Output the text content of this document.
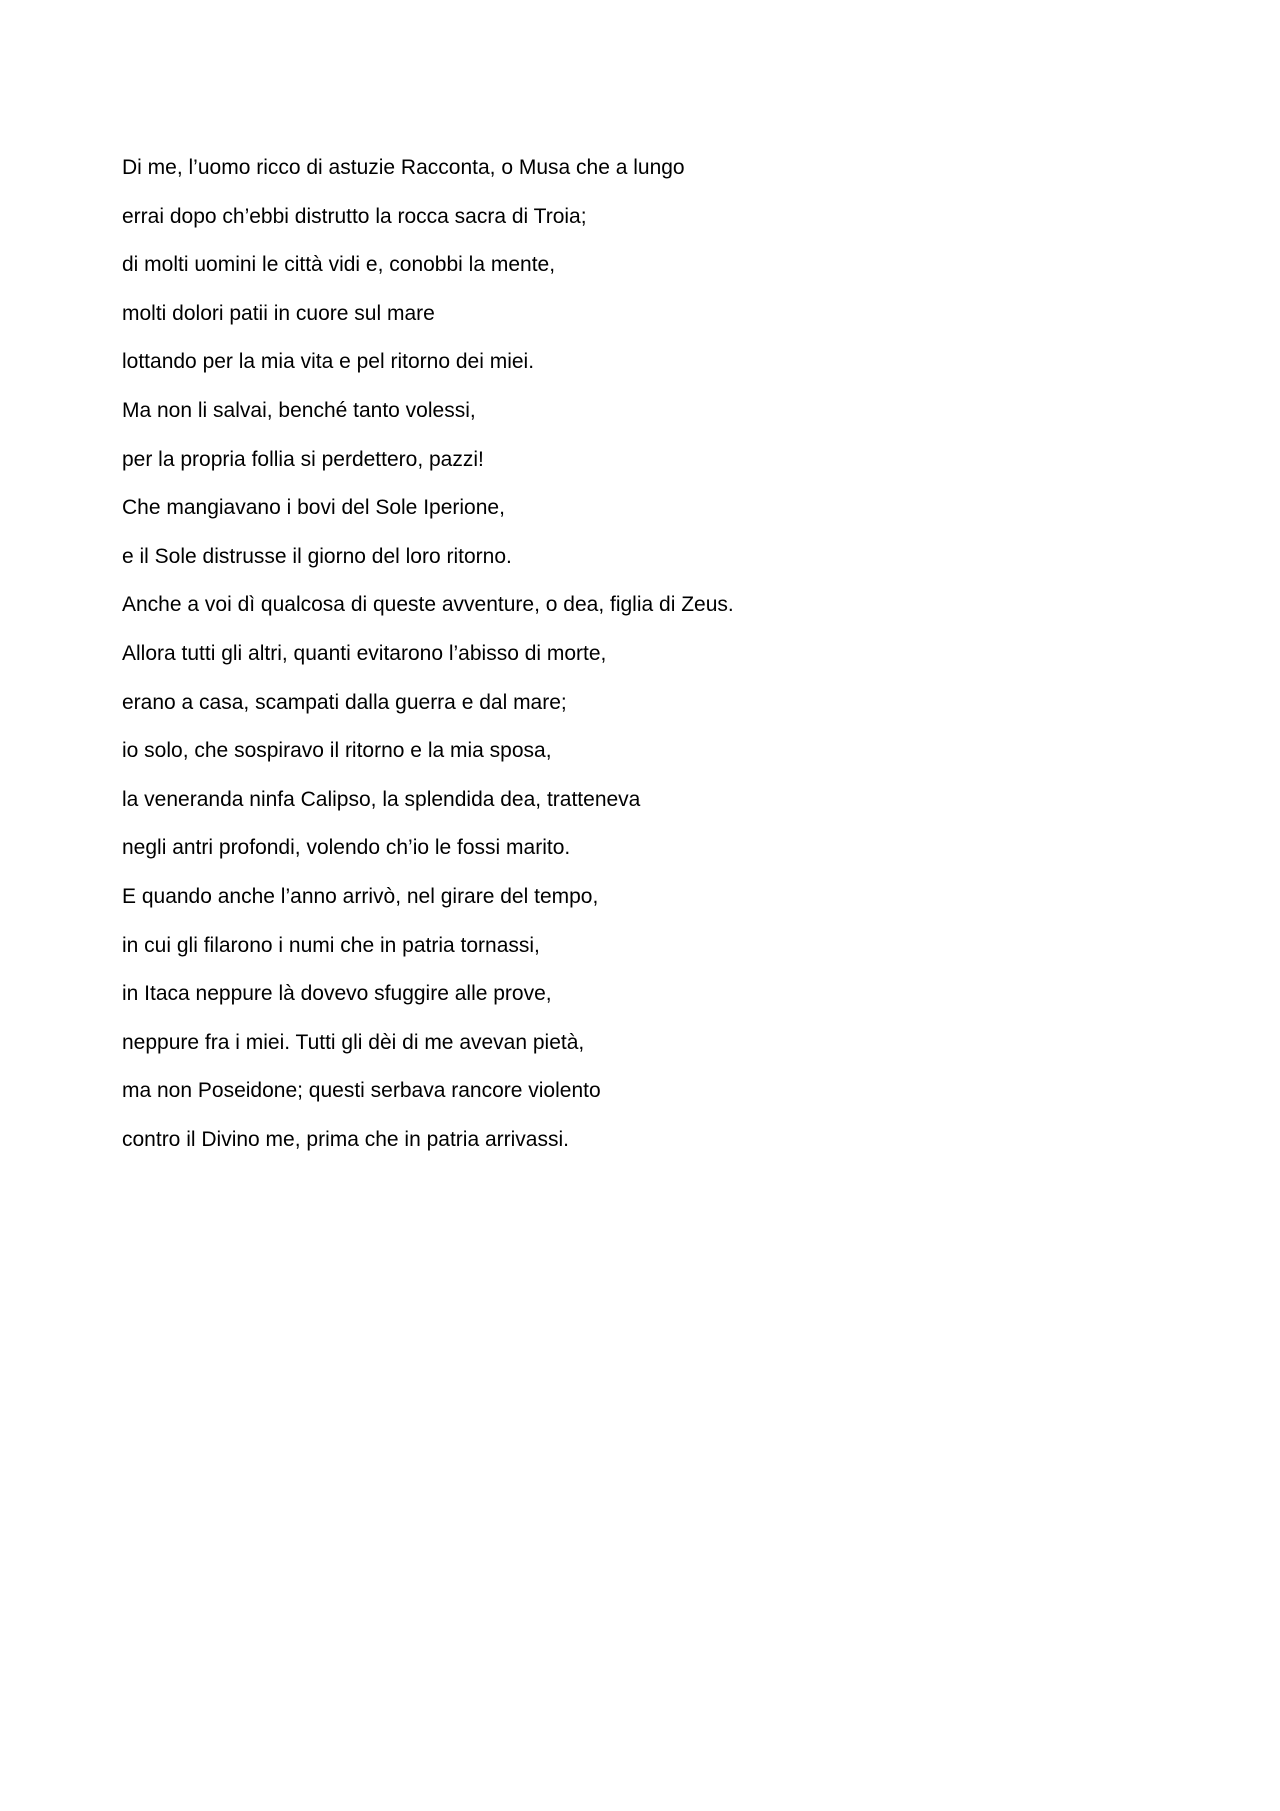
Di me, l’uomo ricco di astuzie Racconta, o Musa che a lungo
errai dopo ch’ebbi distrutto la rocca sacra di Troia;
di molti uomini le città vidi e, conobbi la mente,
molti dolori patii in cuore sul mare
lottando per la mia vita e pel ritorno dei miei.
Ma non li salvai, benché tanto volessi,
per la propria follia si perdettero, pazzi!
Che mangiavano i bovi del Sole Iperione,
e il Sole distrusse il giorno del loro ritorno.
Anche a voi dì qualcosa di queste avventure, o dea, figlia di Zeus.
Allora tutti gli altri, quanti evitarono l’abisso di morte,
erano a casa, scampati dalla guerra e dal mare;
io solo, che sospiravo il ritorno e la mia sposa,
la veneranda ninfa Calipso, la splendida dea, tratteneva
negli antri profondi, volendo ch’io le fossi marito.
E quando anche l’anno arrivò, nel girare del tempo,
in cui gli filarono i numi che in patria tornassi,
in Itaca neppure là dovevo sfuggire alle prove,
neppure fra i miei. Tutti gli dèi di me avevan pietà,
ma non Poseidone; questi serbava rancore violento
contro il Divino me, prima che in patria arrivassi.
